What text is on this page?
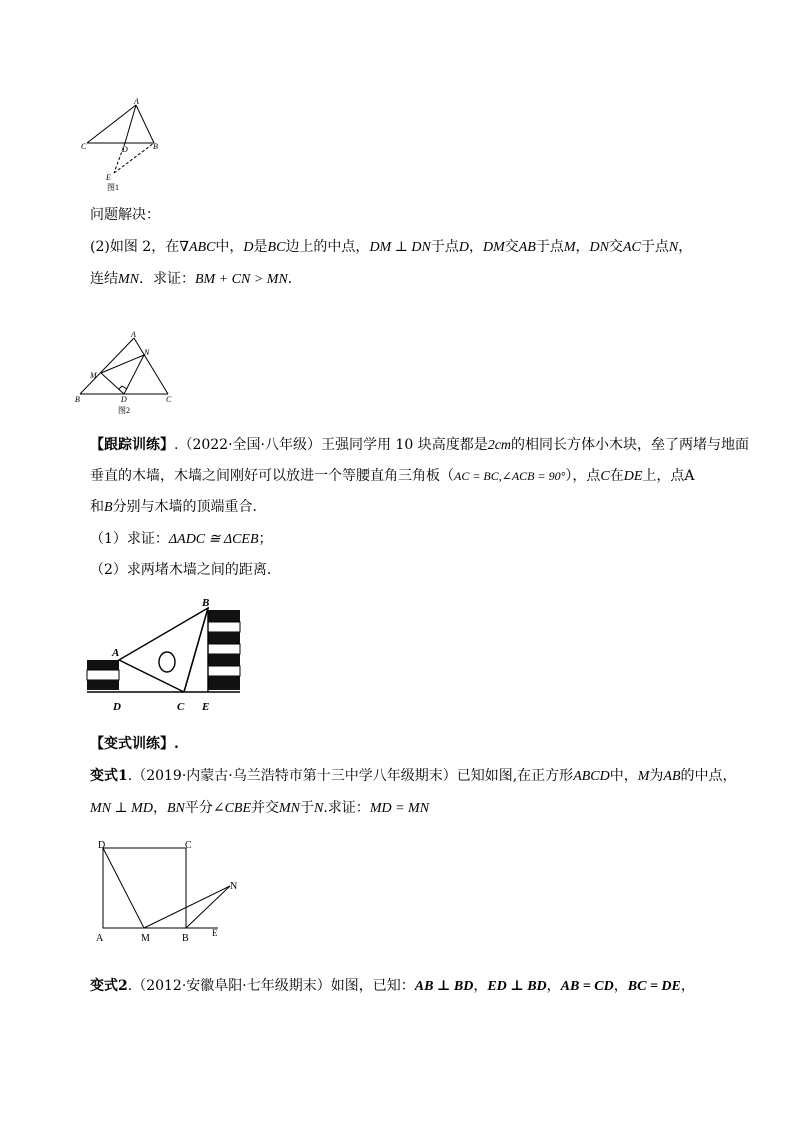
A
C	D	B
E
图1
问题解决：
(2)如图 2，在∇ABC中，D是BC边上的中点，DM ⊥ DN于点D，DM交AB于点M，DN交AC于点N，
连结MN．求证：BM + CN > MN．
A
N
M
B	D	C
图2
【跟踪训练】.（2022·全国·八年级）王强同学用 10 块高度都是2cm的相同长方体小木块，垒了两堵与地面
垂直的木墙，木墙之间刚好可以放进一个等腰直角三角板（AC = BC,∠ACB = 90°），点C在DE上，点A
和B分别与木墙的顶端重合．
（1）求证：ΔADC ≅ ΔCEB；
（2）求两堵木墙之间的距离．
A
B
D	C E
【变式训练】.
变式1.（2019·内蒙古·乌兰浩特市第十三中学八年级期末）已知如图,在正方形ABCD中，M为AB的中点，
MN ⊥ MD，BN平分∠CBE并交MN于N.求证：MD = MN
D	C
N
A	M	B	E
变式2.（2012·安徽阜阳·七年级期末）如图，已知：AB ⊥ BD，ED ⊥ BD，AB = CD，BC = DE，
